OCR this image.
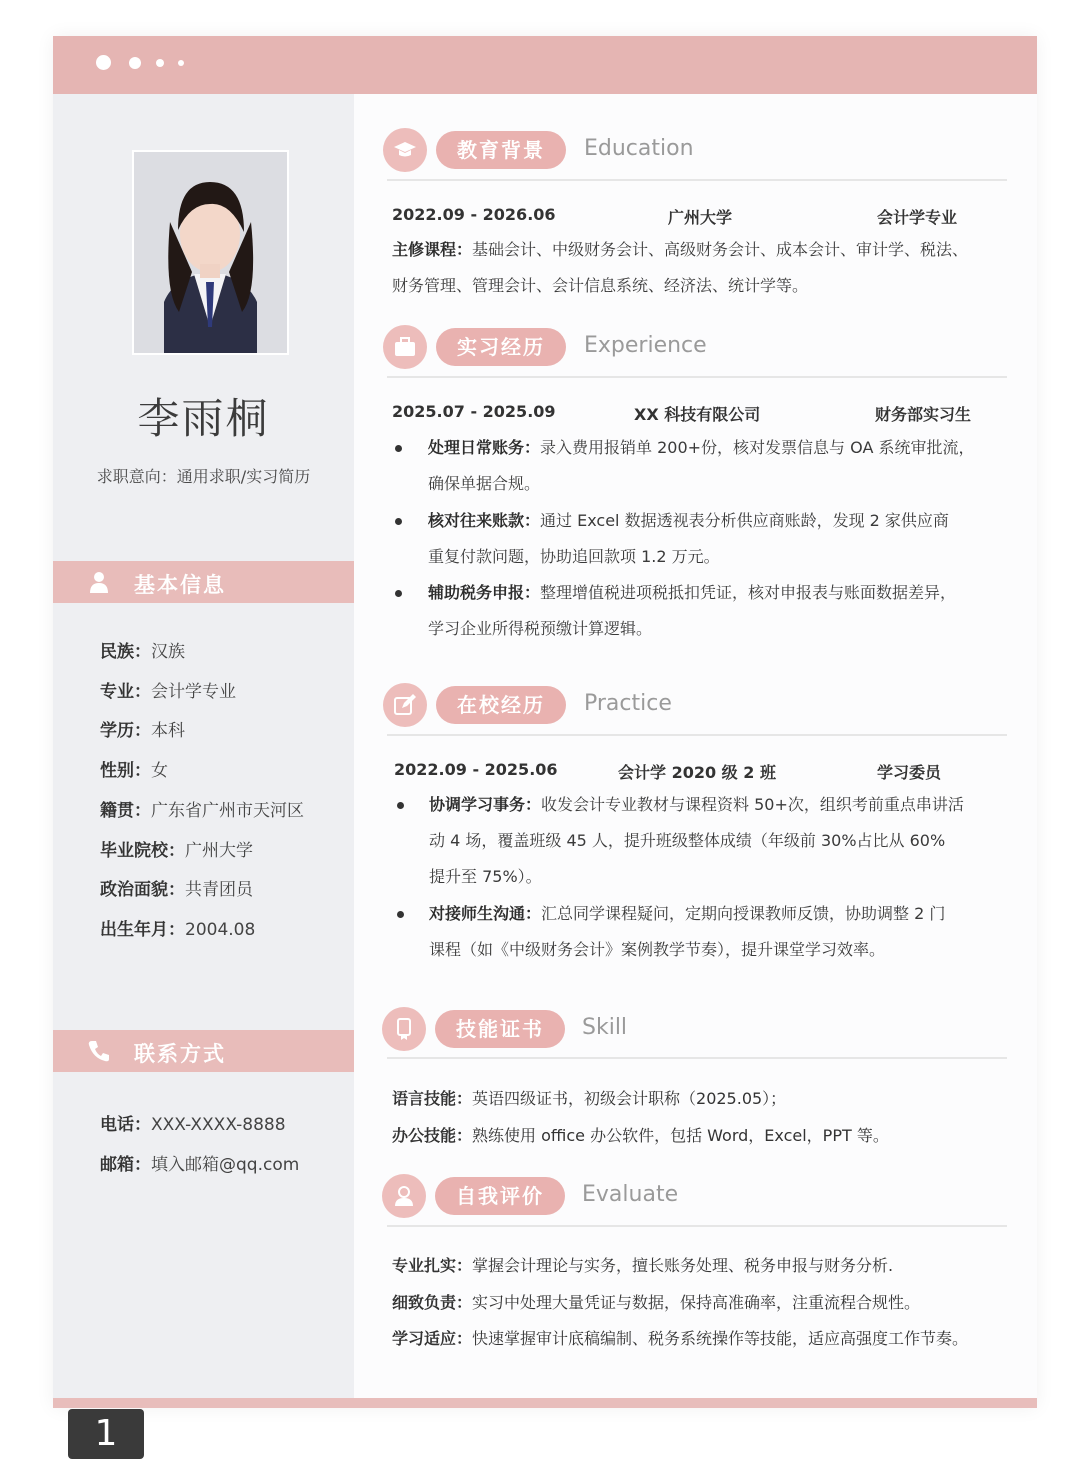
李雨桐
求职意向：通用求职/实习简历
基本信息
民族：汉族
专业：会计学专业
学历：本科
性别：女
籍贯：广东省广州市天河区
毕业院校：广州大学
政治面貌：共青团员
出生年月：2004.08
联系方式
电话：XXX-XXXX-8888
邮箱：填入邮箱@qq.com
1
教育背景	Education
2022.09 - 2026.06	广州大学	会计学专业
主修课程：基础会计、中级财务会计、高级财务会计、成本会计、审计学、税法、
财务管理、管理会计、会计信息系统、经济法、统计学等。
实习经历	Experience
2025.07 - 2025.09	XX 科技有限公司	财务部实习生
处理日常账务：录入费用报销单 200+份，核对发票信息与 OA 系统审批流，
确保单据合规。
核对往来账款：通过 Excel 数据透视表分析供应商账龄，发现 2 家供应商
重复付款问题，协助追回款项 1.2 万元。
辅助税务申报：整理增值税进项税抵扣凭证，核对申报表与账面数据差异，
学习企业所得税预缴计算逻辑。
在校经历	Practice
2022.09 - 2025.06	会计学 2020 级 2 班	学习委员
协调学习事务：收发会计专业教材与课程资料 50+次，组织考前重点串讲活
动 4 场，覆盖班级 45 人，提升班级整体成绩（年级前 30%占比从 60%
提升至 75%）。
对接师生沟通：汇总同学课程疑问，定期向授课教师反馈，协助调整 2 门
课程（如《中级财务会计》案例教学节奏），提升课堂学习效率。
技能证书	Skill
语言技能：英语四级证书，初级会计职称（2025.05）；
办公技能：熟练使用 office 办公软件，包括 Word，Excel，PPT 等。
自我评价	Evaluate
专业扎实：掌握会计理论与实务，擅长账务处理、税务申报与财务分析.
细致负责：实习中处理大量凭证与数据，保持高准确率，注重流程合规性。
学习适应：快速掌握审计底稿编制、税务系统操作等技能，适应高强度工作节奏。
